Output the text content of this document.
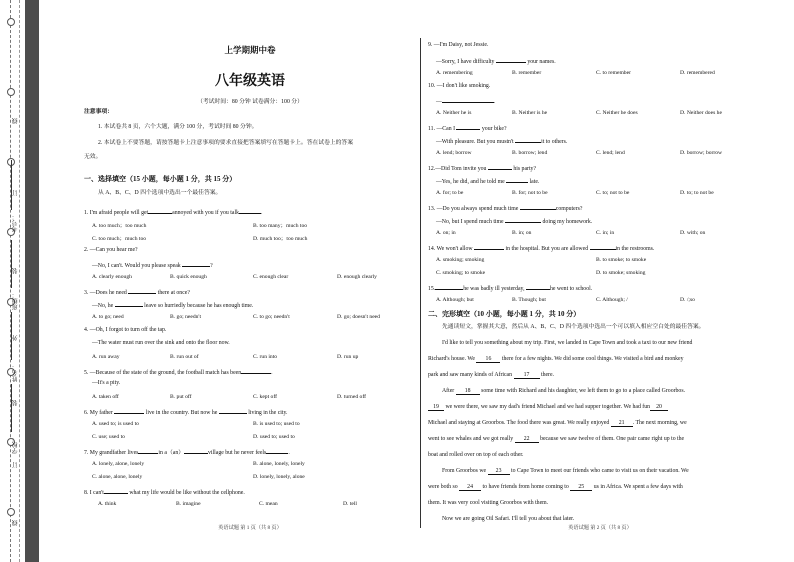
线
订
装
外
装
订
线
考号：
班级：
姓名：
学校：
上学期期中卷
八年级英语
（考试时间：80 分钟 试卷满分：100 分）
注意事项：
1. 本试卷共 8 页，六个大题，满分 100 分，考试时间 80 分钟。
2. 本试卷上不要答题，请按答题卡上注意事项的要求直接把答案填写在答题卡上。答在试卷上的答案
无效。
一、选择填空（15 小题，每小题 1 分，共 15 分）
从 A、B、C、D 四个选项中选出一个最佳答案。
1. I'm afraid people will get	annoyed with you if you talk	.
A. too much；too much	B. too many；much too
C. too much；much too	D. much too；too much
2. —Can you hear me?
—No, I can't. Would you please speak	?
A. clearly enough	B. quick enough	C. enough clear	D. enough clearly
3. —Does he need	there at once?
—No, he	leave so hurriedly because he has enough time.
A. to go; need	B. go; needn't	C. to go; needn't	D. go; doesn't need
4. —Oh, I forgot to turn off the tap.
—The water must run over the sink and onto the floor now.
A. run away	B. run out of	C. run into	D. run up
5. —Because of the state of the ground, the football match has been	.
—It's a pity.
A. taken off	B. put off	C. kept off	D. turned off
6. My father	live in the country. But now he	living in the city.
A. used to; is used to	B. is used to; used to
C. use; used to	D. used to; used to
7. My grandfather lives	in a（an）	village but he never feels	.
A. lonely, alone, lonely	B. alone, lonely, lonely
C. alone, alone, lonely	D. lonely, lonely, alone
8. I can't	what my life would be like without the cellphone.
A. think	B. imagine	C. mean	D. tell
英语试题 第 1 页（共 8 页）
9. —I'm Daisy, not Jessie.
—Sorry, I have difficulty	your names.
A. remembering	B. remember	C. to remember	D. remembered
10. —I don't like smoking.
—	.
A. Neither he is	B. Neither is he	C. Neither he does	D. Neither does he
11. —Can I	your bike?
—With pleasure. But you mustn't	it to others.
A. lend; borrow	B. borrow; lend	C. lend; lend	D. borrow; borrow
12.—Did Tom invite you	his party?
—Yes, he did, and he told me	late.
A. for; to be	B. for; not to be	C. to; not to be	D. to; to not be
13. —Do you always spend much time	computers?
—No, but I spend much time	doing my homework.
A. on; in	B. in; on	C. in; in	D. with; on
14. We won't allow	in the hospital. But you are allowed	in the restrooms.
A. smoking; smoking	B. to smoke; to smoke
C. smoking; to smoke	D. to smoke; smoking
15.	he was badly ill yesterday,	he went to school.
A. Although; but	B. Though; but	C. Although; /	D. /;so
二、完形填空（10 小题，每小题 1 分，共 10 分）
先通读短文，掌握其大意，然后从 A、B、C、D 四个选项中选出一个可以填入相应空白处的最佳答案。
I'd like to tell you something about my trip. First, we landed in Cape Town and took a taxi to our new friend
Richard's house. We 16 there for a few nights. We did some cool things. We visited a bird and monkey
park and saw many kinds of African 17 there.
After 18 some time with Richard and his daughter, we left them to go to a place called Groorbos.
19 we were there, we saw my dad's friend Michael and we had supper together. We had fun 20
Michael and staying at Groorbos. The food there was great. We really enjoyed 21 . The next morning, we
went to see whales and we got really 22 because we saw twelve of them. One pair came right up to the
boat and rolled over on top of each other.
From Groorbos we 23 to Cape Town to meet our friends who came to visit us on their vacation. We
were both so 24 to have friends from home coming to 25 us in Africa. We spent a few days with
them. It was very cool visiting Groorbos with them.
Now we are going Oil Safari. I'll tell you about that later.
英语试题 第 2 页（共 8 页）
